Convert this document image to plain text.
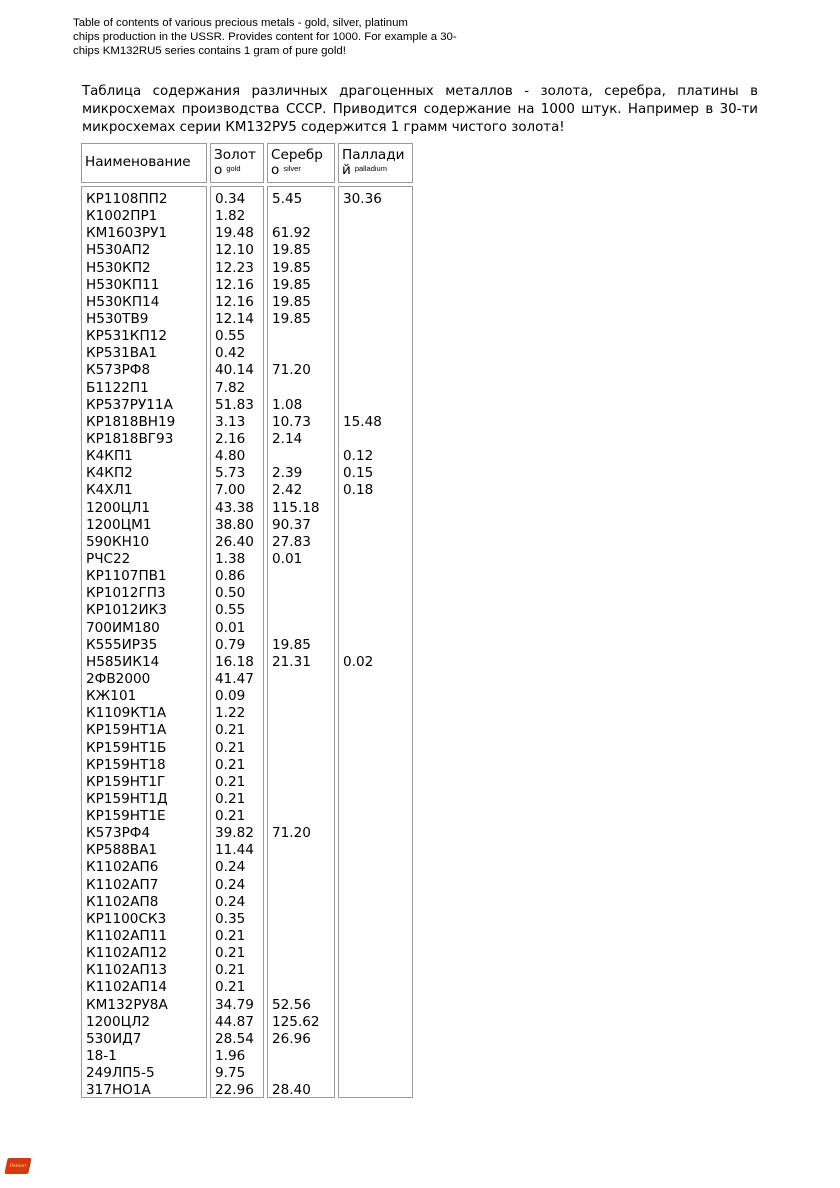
Table of contents of various precious metals - gold, silver, platinum
chips production in the USSR. Provides content for 1000. For example a 30-
chips KM132RU5 series contains 1 gram of pure gold!
Таблица содержания различных драгоценных металлов - золота, серебра, платины в микросхемах производства СССР. Приводится содержание на 1000 штук. Например в 30-ти микросхемах серии КМ132РУ5 содержится 1 грамм чистого золота!
Наименование	Золот
о $^{gold}$
Серебр
о $^{silver}$
Паллади
й $^{palladium}$
КР1108ПП2
К1002ПР1
КМ1603РУ1
Н530АП2
Н530КП2
Н530КП11
Н530КП14
Н530ТВ9
КР531КП12
КР531ВА1
К573РФ8
Б1122П1
КР537РУ11А
КР1818ВН19
КР1818ВГ93
К4КП1
К4КП2
К4ХЛ1
1200ЦЛ1
1200ЦМ1
590КН10
РЧС22
КР1107ПВ1
КР1012ГП3
КР1012ИК3
700ИМ180
К555ИР35
Н585ИК14
2ФВ2000
КЖ101
К1109КТ1А
КР159НТ1А
КР159НТ1Б
КР159НТ18
КР159НТ1Г
КР159НТ1Д
КР159НТ1Е
К573РФ4
КР588ВА1
К1102АП6
К1102АП7
К1102АП8
КР1100СК3
К1102АП11
К1102АП12
К1102АП13
К1102АП14
КМ132РУ8А
1200ЦЛ2
530ИД7
18-1
249ЛП5-5
317НО1А
0.34
1.82
19.48
12.10
12.23
12.16
12.16
12.14
0.55
0.42
40.14
7.82
51.83
3.13
2.16
4.80
5.73
7.00
43.38
38.80
26.40
1.38
0.86
0.50
0.55
0.01
0.79
16.18
41.47
0.09
1.22
0.21
0.21
0.21
0.21
0.21
0.21
39.82
11.44
0.24
0.24
0.24
0.35
0.21
0.21
0.21
0.21
34.79
44.87
28.54
1.96
9.75
22.96
5.45
61.92
19.85
19.85
19.85
19.85
19.85
71.20
1.08
10.73
2.14
2.39
2.42
115.18
90.37
27.83
0.01
19.85
21.31
71.20
52.56
125.62
26.96
28.40
30.36
15.48
0.12
0.15
0.18
0.02
Ремонт
